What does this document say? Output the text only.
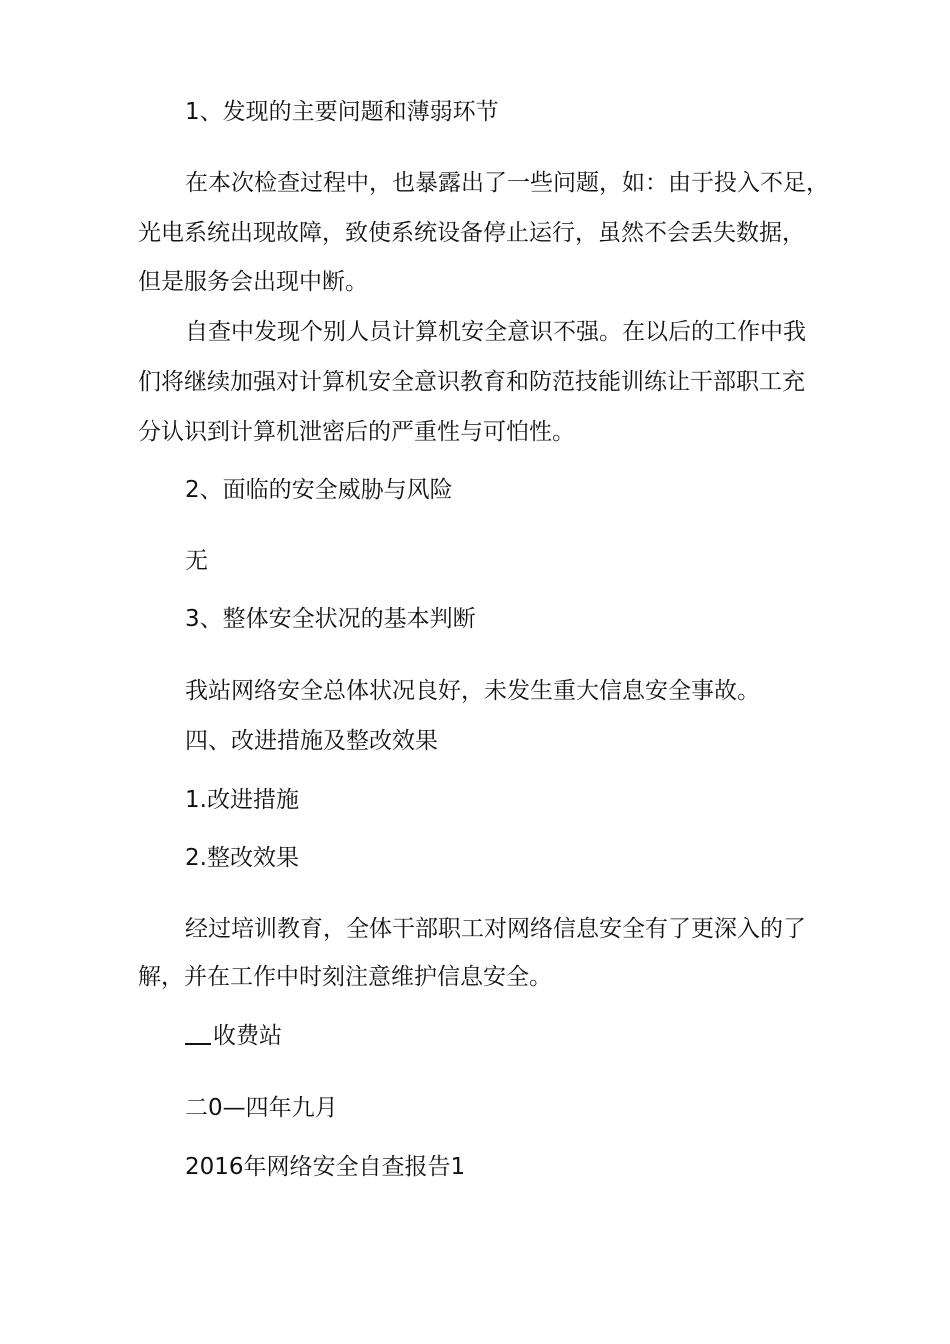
1、发现的主要问题和薄弱环节

在本次检查过程中，也暴露出了一些问题，如：由于投入不足，

光电系统出现故障，致使系统设备停止运行，虽然不会丢失数据，

但是服务会出现中断。

自查中发现个别人员计算机安全意识不强。在以后的工作中我

们将继续加强对计算机安全意识教育和防范技能训练让干部职工充

分认识到计算机泄密后的严重性与可怕性。

2、面临的安全威胁与风险

无

3、整体安全状况的基本判断

我站网络安全总体状况良好，未发生重大信息安全事故。

四、改进措施及整改效果

1.改进措施

2.整改效果

经过培训教育，全体干部职工对网络信息安全有了更深入的了

解，并在工作中时刻注意维护信息安全。

收费站

二0—四年九月

2016年网络安全自查报告1
